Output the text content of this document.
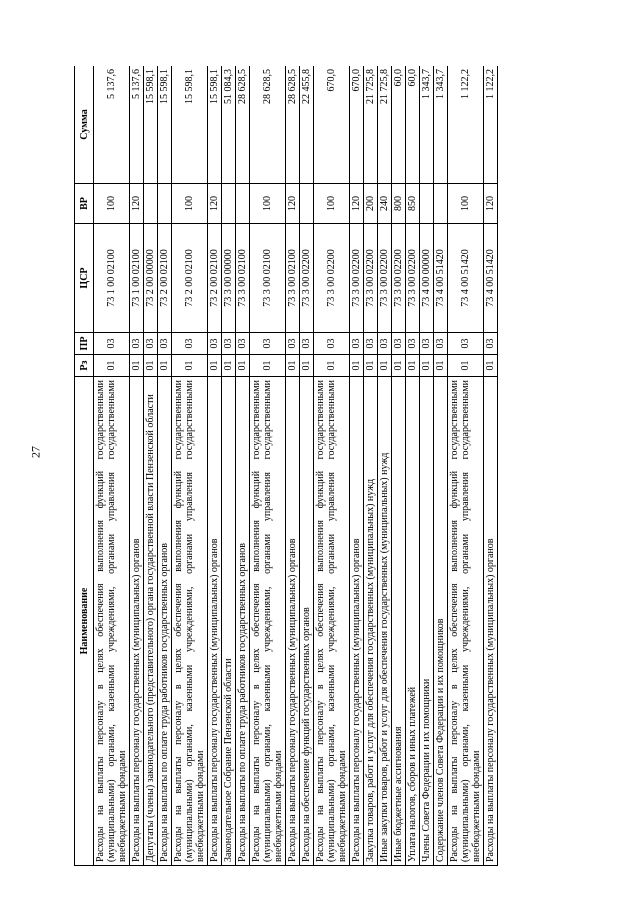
27
Наименование	Рз	ПР	ЦСР	ВР	Сумма
Расходы на выплаты персоналу в целях обеспечения выполнения функций государственными (муниципальными) органами, казенными учреждениями, органами управления государственными внебюджетными фондами	01	03	73 1 00 02100	100	5 137,6
Расходы на выплаты персоналу государственных (муниципальных) органов	01	03	73 1 00 02100	120	5 137,6
Депутаты (члены) законодательного (представительного) органа государственной власти Пензенской области	01	03	73 2 00 00000		15 598,1
Расходы на выплаты по оплате труда работников государственных органов	01	03	73 2 00 02100		15 598,1
Расходы на выплаты персоналу в целях обеспечения выполнения функций государственными (муниципальными) органами, казенными учреждениями, органами управления государственными внебюджетными фондами	01	03	73 2 00 02100	100	15 598,1
Расходы на выплаты персоналу государственных (муниципальных) органов	01	03	73 2 00 02100	120	15 598,1
Законодательное Собрание Пензенской области	01	03	73 3 00 00000		51 084,3
Расходы на выплаты по оплате труда работников государственных органов	01	03	73 3 00 02100		28 628,5
Расходы на выплаты персоналу в целях обеспечения выполнения функций государственными (муниципальными) органами, казенными учреждениями, органами управления государственными внебюджетными фондами	01	03	73 3 00 02100	100	28 628,5
Расходы на выплаты персоналу государственных (муниципальных) органов	01	03	73 3 00 02100	120	28 628,5
Расходы на обеспечение функций государственных органов	01	03	73 3 00 02200		22 455,8
Расходы на выплаты персоналу в целях обеспечения выполнения функций государственными (муниципальными) органами, казенными учреждениями, органами управления государственными внебюджетными фондами	01	03	73 3 00 02200	100	670,0
Расходы на выплаты персоналу государственных (муниципальных) органов	01	03	73 3 00 02200	120	670,0
Закупка товаров, работ и услуг для обеспечения государственных (муниципальных) нужд	01	03	73 3 00 02200	200	21 725,8
Иные закупки товаров, работ и услуг для обеспечения государственных (муниципальных) нужд	01	03	73 3 00 02200	240	21 725,8
Иные бюджетные ассигнования	01	03	73 3 00 02200	800	60,0
Уплата налогов, сборов и иных платежей	01	03	73 3 00 02200	850	60,0
Члены Совета Федерации и их помощники	01	03	73 4 00 00000		1 343,7
Содержание членов Совета Федерации и их помощников	01	03	73 4 00 51420		1 343,7
Расходы на выплаты персоналу в целях обеспечения выполнения функций государственными (муниципальными) органами, казенными учреждениями, органами управления государственными внебюджетными фондами	01	03	73 4 00 51420	100	1 122,2
Расходы на выплаты персоналу государственных (муниципальных) органов	01	03	73 4 00 51420	120	1 122,2
